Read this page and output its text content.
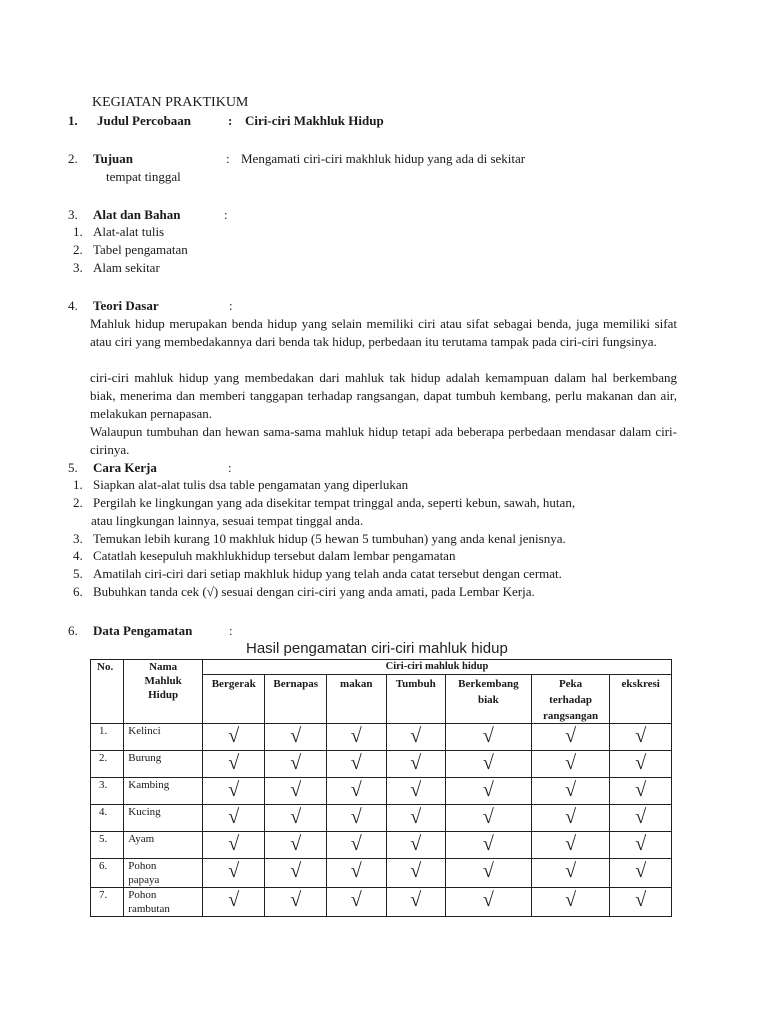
KEGIATAN PRAKTIKUM
1. Judul Percobaan	: Ciri-ciri Makhluk Hidup
2. Tujuan	: Mengamati ciri-ciri makhluk hidup yang ada di sekitar
tempat tinggal
3. Alat dan Bahan	:
1. Alat-alat tulis
2. Tabel pengamatan
3. Alam sekitar
4. Teori Dasar	:
Mahluk hidup merupakan benda hidup yang selain memiliki ciri atau sifat sebagai benda, juga memiliki sifat atau ciri yang membedakannya dari benda tak hidup, perbedaan itu terutama tampak pada ciri-ciri fungsinya.
ciri-ciri mahluk hidup yang membedakan dari mahluk tak hidup adalah kemampuan dalam hal berkembang biak, menerima dan memberi tanggapan terhadap rangsangan, dapat tumbuh kembang, perlu makanan dan air, melakukan pernapasan.
Walaupun tumbuhan dan hewan sama-sama mahluk hidup tetapi ada beberapa perbedaan mendasar dalam ciri-cirinya.
5. Cara Kerja	:
1. Siapkan alat-alat tulis dsa table pengamatan yang diperlukan
2. Pergilah ke lingkungan yang ada disekitar tempat tringgal anda, seperti kebun, sawah, hutan,
atau lingkungan lainnya, sesuai tempat tinggal anda.
3. Temukan lebih kurang 10 makhluk hidup (5 hewan 5 tumbuhan) yang anda kenal jenisnya.
4. Catatlah kesepuluh makhlukhidup tersebut dalam lembar pengamatan
5. Amatilah ciri-ciri dari setiap makhluk hidup yang telah anda catat tersebut dengan cermat.
6. Bubuhkan tanda cek (√) sesuai dengan ciri-ciri yang anda amati, pada Lembar Kerja.
6. Data Pengamatan	:
Hasil pengamatan ciri-ciri mahluk hidup
No.	Nama
Mahluk
Hidup	Ciri-ciri mahluk hidup						

		Bergerak	Bernapas	makan	Tumbuh	Berkembang
biak	Peka
terhadap
rangsangan	ekskresi

1.	Kelinci	√	√	√	√	√	√	√
2.	Burung	√	√	√	√	√	√	√
3.	Kambing	√	√	√	√	√	√	√
4.	Kucing	√	√	√	√	√	√	√
5.	Ayam	√	√	√	√	√	√	√
6.	Pohon
papaya	√	√	√	√	√	√	√
7.	Pohon
rambutan	√	√	√	√	√	√	√
